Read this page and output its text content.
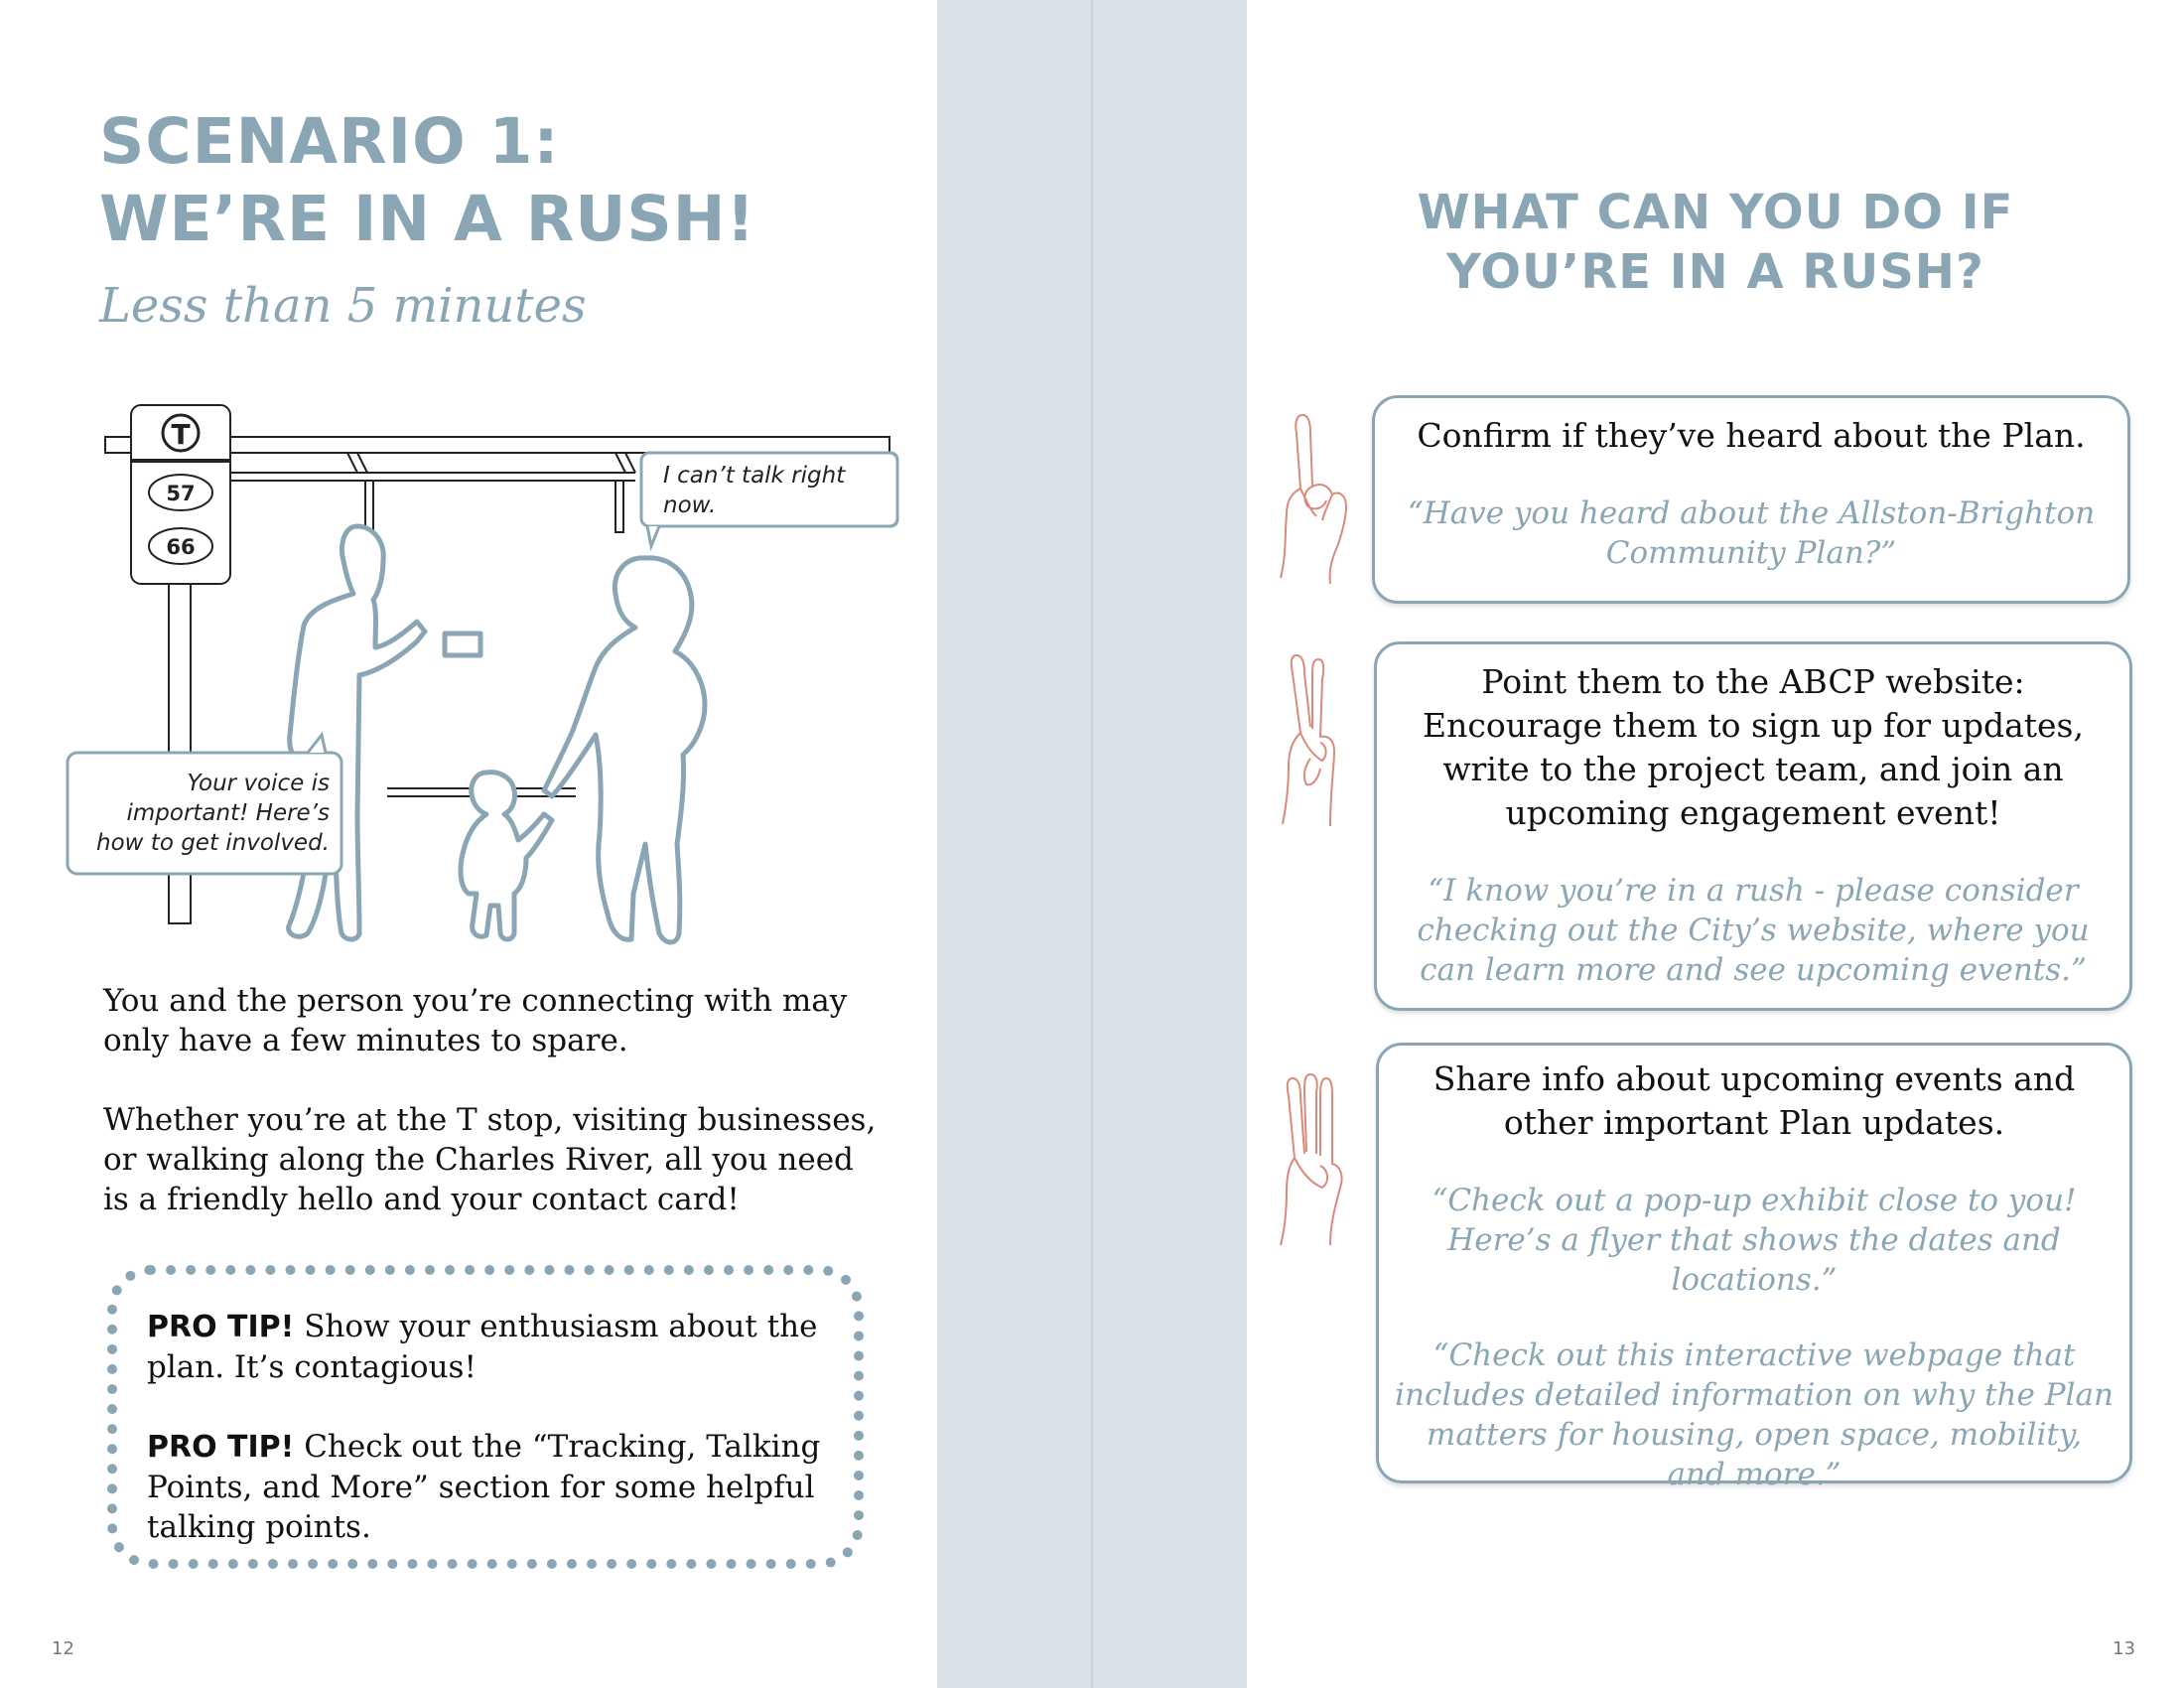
SCENARIO 1:
WE’RE IN A RUSH!
Less than 5 minutes
T
57
66
I can’t talk right now.
Your voice is important! Here’s how to get involved.

You and the person you’re connecting with may only have a few minutes to spare.

Whether you’re at the T stop, visiting businesses, or walking along the Charles River, all you need is a friendly hello and your contact card!

PRO TIP! Show your enthusiasm about the plan. It’s contagious!

PRO TIP! Check out the “Tracking, Talking Points, and More” section for some helpful talking points.

12
WHAT CAN YOU DO IF
YOU’RE IN A RUSH?
Confirm if they’ve heard about the Plan.
“Have you heard about the Allston-Brighton Community Plan?”
Point them to the ABCP website: Encourage them to sign up for updates, write to the project team, and join an upcoming engagement event!
“I know you’re in a rush - please consider checking out the City’s website, where you can learn more and see upcoming events.”
Share info about upcoming events and other important Plan updates.
“Check out a pop-up exhibit close to you! Here’s a flyer that shows the dates and locations.”
“Check out this interactive webpage that includes detailed information on why the Plan matters for housing, open space, mobility, and more.”
13
